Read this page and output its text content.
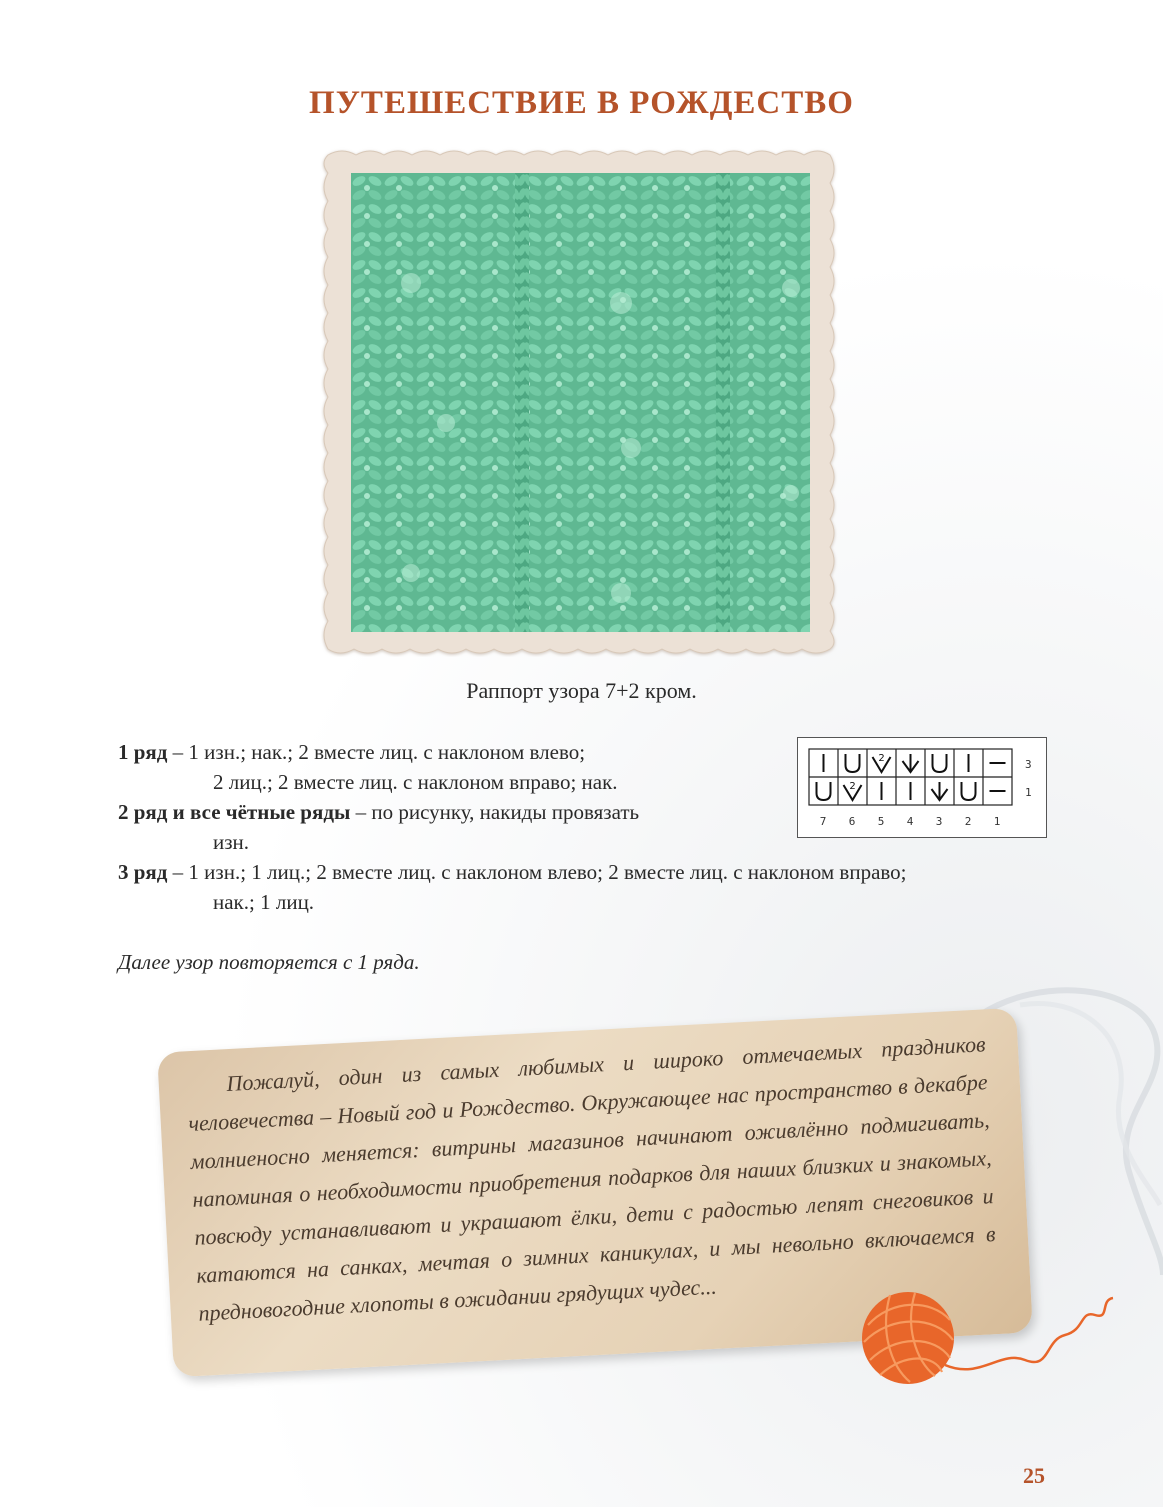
ПУТЕШЕСТВИЕ В РОЖДЕСТВО
Раппорт узора 7+2 кром.

1 ряд – 1 изн.; нак.; 2 вместе лиц. с наклоном влево;

2 лиц.; 2 вместе лиц. с наклоном вправо; нак.

2 ряд и все чётные ряды – по рисунку, накиды провязать

изн.

3 ряд – 1 изн.; 1 лиц.; 2 вместе лиц. с наклоном влево; 2 вместе лиц. с наклоном вправо;

нак.; 1 лиц.

Далее узор повторяется с 1 ряда.
2
2
3
1
7 6 5 4 3 2 1
Пожалуй, один из самых любимых и широко отмечаемых праздников человечества – Новый год и Рождество. Окружающее нас пространство в декабре молниеносно меняется: витрины магазинов начинают оживлённо подмигивать, напоминая о необходимости приобретения подарков для наших близких и знакомых, повсюду устанавливают и украшают ёлки, дети с радостью лепят снеговиков и катаются на санках, мечтая о зимних каникулах, и мы невольно включаемся в предновогодние хлопоты в ожидании грядущих чудес...
25
